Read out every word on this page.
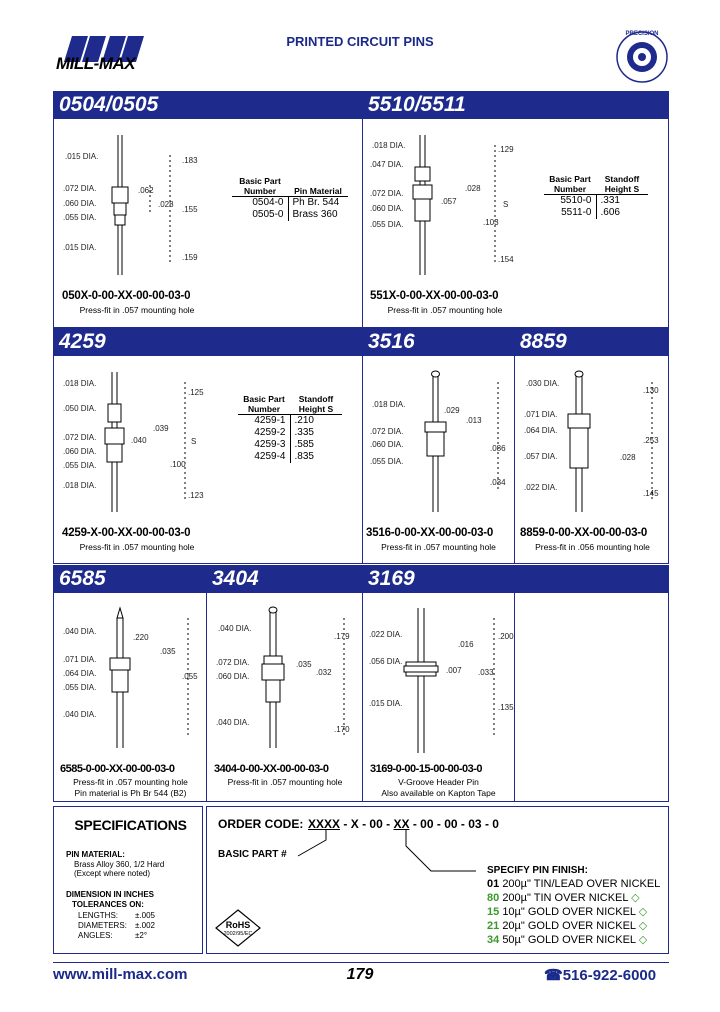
MILL-MAX
PRINTED CIRCUIT PINS	PRECISION
0504/0505	5510/5511
.015 DIA.
.072 DIA.
.060 DIA.
.055 DIA.
.015 DIA.
.183
.062
.028
.155
.159
Basic Part Number	Pin Material
0504-0	Ph Br. 544
0505-0	Brass 360
050X-0-00-XX-00-00-03-0
Press-fit in .057 mounting hole
.018 DIA.
.047 DIA.
.072 DIA.
.060 DIA.
.055 DIA.
.129
.028
S
.057
.103
.154
Basic Part Number	Standoff Height S
5510-0	.331
5511-0	.606
551X-0-00-XX-00-00-03-0
Press-fit in .057 mounting hole
4259	3516	8859
.018 DIA.
.050 DIA.
.072 DIA.
.060 DIA.
.055 DIA.
.018 DIA.
.125
.039
.040	S
.100
.123
Basic Part Number	Standoff Height S
4259-1	.210
4259-2	.335
4259-3	.585
4259-4	.835
4259-X-00-XX-00-00-03-0
Press-fit in .057 mounting hole
.018 DIA.
.072 DIA.
.060 DIA.
.055 DIA.
.029
.013
.086
.034
3516-0-00-XX-00-00-03-0
Press-fit in .057 mounting hole
.030 DIA.
.071 DIA.
.064 DIA.
.057 DIA.
.022 DIA.
.130
.253
.028
.145
8859-0-00-XX-00-00-03-0
Press-fit in .056 mounting hole
6585	3404	3169
.040 DIA.
.071 DIA.
.064 DIA.
.055 DIA.
.040 DIA.
.220
.035
.055
6585-0-00-XX-00-00-03-0
Press-fit in .057 mounting hole
Pin material is Ph Br 544 (B2)
.040 DIA.
.072 DIA.
.060 DIA.
.040 DIA.
.179
.035
.032
.170
3404-0-00-XX-00-00-03-0
Press-fit in .057 mounting hole
.022 DIA.
.056 DIA.
.015 DIA.
.016
.007 .033
.200
.135
3169-0-00-15-00-00-03-0
V-Groove Header Pin
Also available on Kapton Tape
SPECIFICATIONS
PIN MATERIAL:
Brass Alloy 360, 1/2 Hard
(Except where noted)
DIMENSION IN INCHES
TOLERANCES ON:
LENGTHS: ±.005
DIAMETERS: ±.002
ANGLES:	±2°
ORDER CODE: XXXX - X - 00 - XX - 00 - 00 - 03 - 0
BASIC PART #
RoHS
2002/95/EC
SPECIFY PIN FINISH:
01 200µ" TIN/LEAD OVER NICKEL
80 200µ" TIN OVER NICKEL ◇
15 10µ" GOLD OVER NICKEL ◇
21 20µ" GOLD OVER NICKEL ◇
34 50µ" GOLD OVER NICKEL ◇
www.mill-max.com	179	☎516-922-6000
